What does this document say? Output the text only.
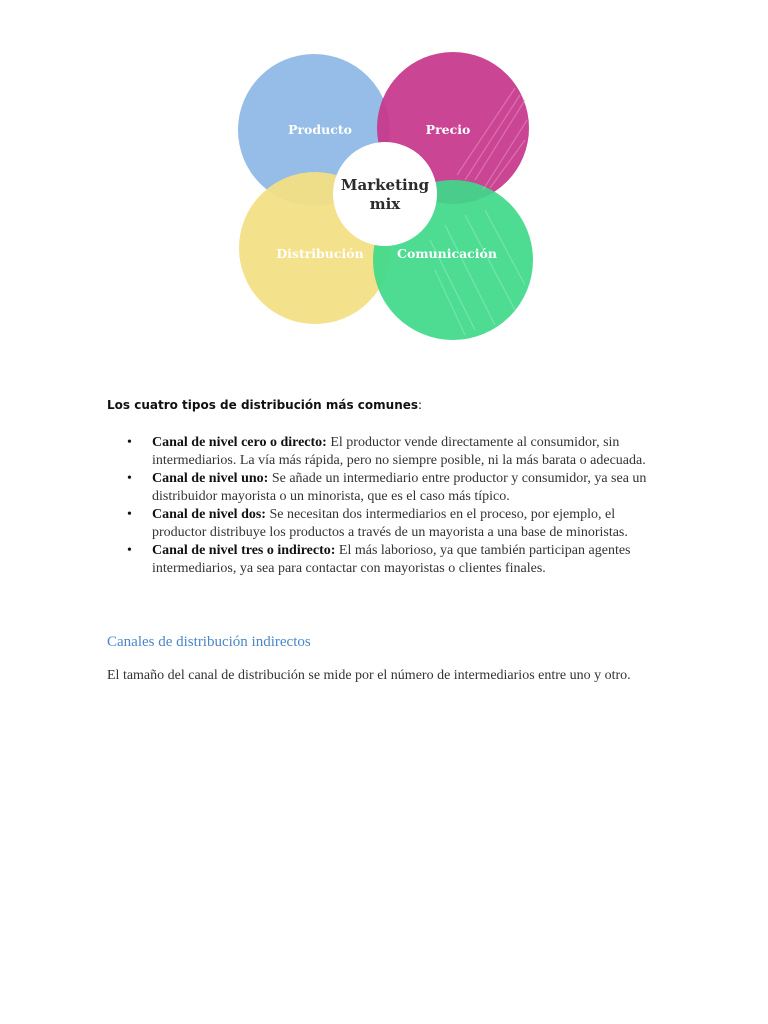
Marketing
mix
Producto	Precio
Distribución	Comunicación
Los cuatro tipos de distribución más comunes:
• Canal de nivel cero o directo: El productor vende directamente al consumidor, sin intermediarios. La vía más rápida, pero no siempre posible, ni la más barata o adecuada.
• Canal de nivel uno: Se añade un intermediario entre productor y consumidor, ya sea un distribuidor mayorista o un minorista, que es el caso más típico.
• Canal de nivel dos: Se necesitan dos intermediarios en el proceso, por ejemplo, el productor distribuye los productos a través de un mayorista a una base de minoristas.
• Canal de nivel tres o indirecto: El más laborioso, ya que también participan agentes intermediarios, ya sea para contactar con mayoristas o clientes finales.
Canales de distribución indirectos
El tamaño del canal de distribución se mide por el número de intermediarios entre uno y otro.
